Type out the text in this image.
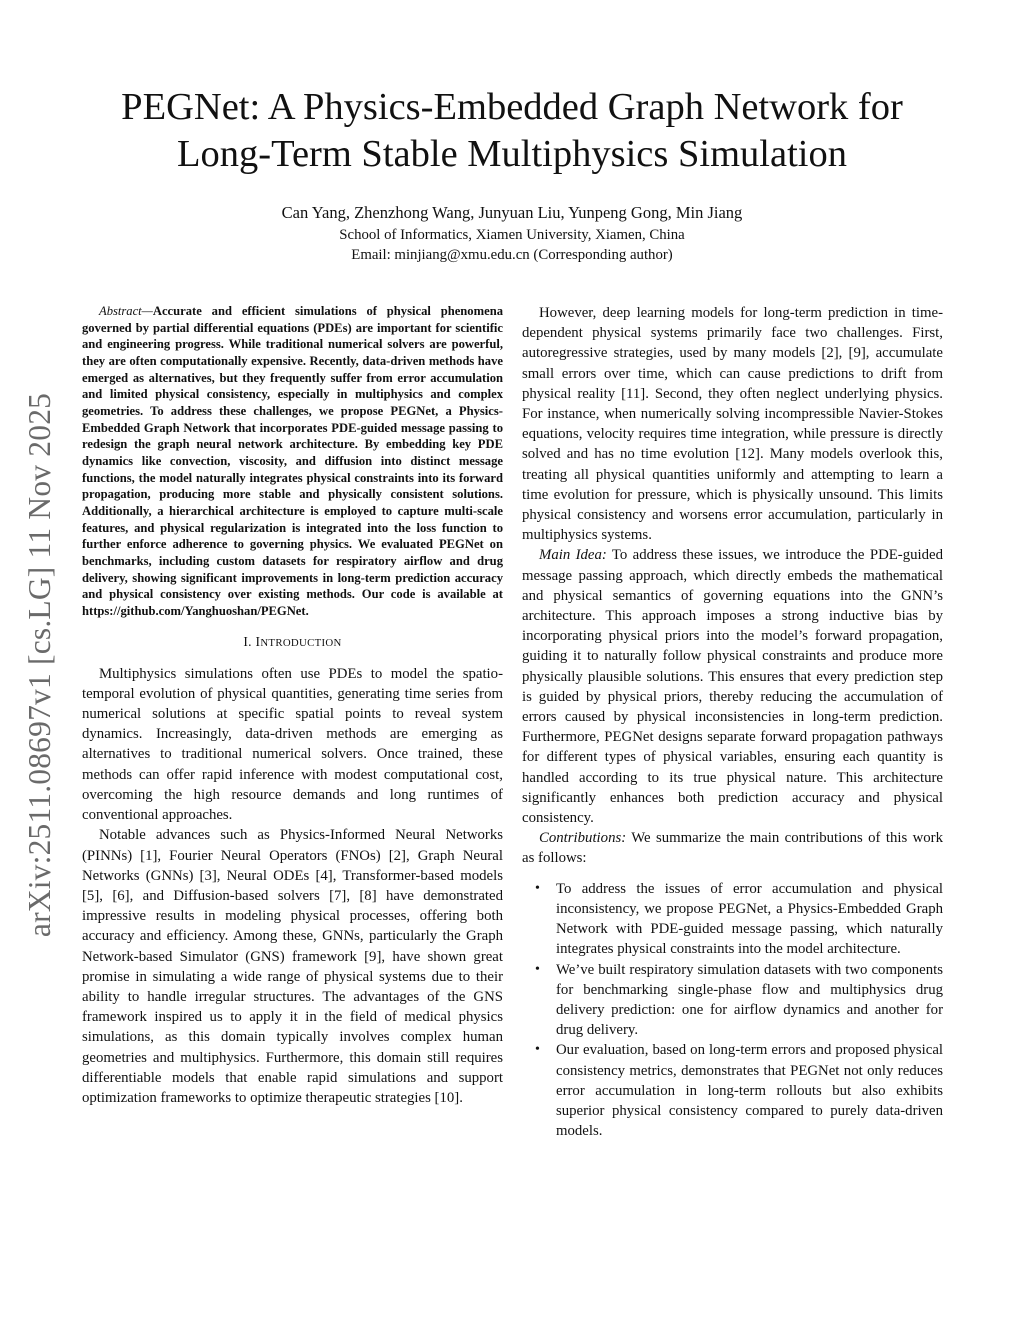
arXiv:2511.08697v1 [cs.LG] 11 Nov 2025
PEGNet: A Physics-Embedded Graph Network for
Long-Term Stable Multiphysics Simulation
Can Yang, Zhenzhong Wang, Junyuan Liu, Yunpeng Gong, Min Jiang
School of Informatics, Xiamen University, Xiamen, China
Email: minjiang@xmu.edu.cn (Corresponding author)

Abstract—Accurate and efficient simulations of physical phenomena governed by partial differential equations (PDEs) are important for scientific and engineering progress. While traditional numerical solvers are powerful, they are often computationally expensive. Recently, data-driven methods have emerged as alternatives, but they frequently suffer from error accumulation and limited physical consistency, especially in multiphysics and complex geometries. To address these challenges, we propose PEGNet, a Physics-Embedded Graph Network that incorporates PDE-guided message passing to redesign the graph neural network architecture. By embedding key PDE dynamics like convection, viscosity, and diffusion into distinct message functions, the model naturally integrates physical constraints into its forward propagation, producing more stable and physically consistent solutions. Additionally, a hierarchical architecture is employed to capture multi-scale features, and physical regularization is integrated into the loss function to further enforce adherence to governing physics. We evaluated PEGNet on benchmarks, including custom datasets for respiratory airflow and drug delivery, showing significant improvements in long-term prediction accuracy and physical consistency over existing methods. Our code is available at https://github.com/Yanghuoshan/PEGNet.

I. INTRODUCTION

Multiphysics simulations often use PDEs to model the spatio-temporal evolution of physical quantities, generating time series from numerical solutions at specific spatial points to reveal system dynamics. Increasingly, data-driven methods are emerging as alternatives to traditional numerical solvers. Once trained, these methods can offer rapid inference with modest computational cost, overcoming the high resource demands and long runtimes of conventional approaches.

Notable advances such as Physics-Informed Neural Networks (PINNs) [1], Fourier Neural Operators (FNOs) [2], Graph Neural Networks (GNNs) [3], Neural ODEs [4], Transformer-based models [5], [6], and Diffusion-based solvers [7], [8] have demonstrated impressive results in modeling physical processes, offering both accuracy and efficiency. Among these, GNNs, particularly the Graph Network-based Simulator (GNS) framework [9], have shown great promise in simulating a wide range of physical systems due to their ability to handle irregular structures. The advantages of the GNS framework inspired us to apply it in the field of medical physics simulations, as this domain typically involves complex human geometries and multiphysics. Furthermore, this domain still requires differentiable models that enable rapid simulations and support optimization frameworks to optimize therapeutic strategies [10].

However, deep learning models for long-term prediction in time-dependent physical systems primarily face two challenges. First, autoregressive strategies, used by many models [2], [9], accumulate small errors over time, which can cause predictions to drift from physical reality [11]. Second, they often neglect underlying physics. For instance, when numerically solving incompressible Navier-Stokes equations, velocity requires time integration, while pressure is directly solved and has no time evolution [12]. Many models overlook this, treating all physical quantities uniformly and attempting to learn a time evolution for pressure, which is physically unsound. This limits physical consistency and worsens error accumulation, particularly in multiphysics systems.

Main Idea: To address these issues, we introduce the PDE-guided message passing approach, which directly embeds the mathematical and physical semantics of governing equations into the GNN’s architecture. This approach imposes a strong inductive bias by incorporating physical priors into the model’s forward propagation, guiding it to naturally follow physical constraints and produce more physically plausible solutions. This ensures that every prediction step is guided by physical priors, thereby reducing the accumulation of errors caused by physical inconsistencies in long-term prediction. Furthermore, PEGNet designs separate forward propagation pathways for different types of physical variables, ensuring each quantity is handled according to its true physical nature. This architecture significantly enhances both prediction accuracy and physical consistency.

Contributions: We summarize the main contributions of this work as follows:

• To address the issues of error accumulation and physical inconsistency, we propose PEGNet, a Physics-Embedded Graph Network with PDE-guided message passing, which naturally integrates physical constraints into the model architecture.
• We’ve built respiratory simulation datasets with two components for benchmarking single-phase flow and multiphysics drug delivery prediction: one for airflow dynamics and another for drug delivery.
• Our evaluation, based on long-term errors and proposed physical consistency metrics, demonstrates that PEGNet not only reduces error accumulation in long-term rollouts but also exhibits superior physical consistency compared to purely data-driven models.
